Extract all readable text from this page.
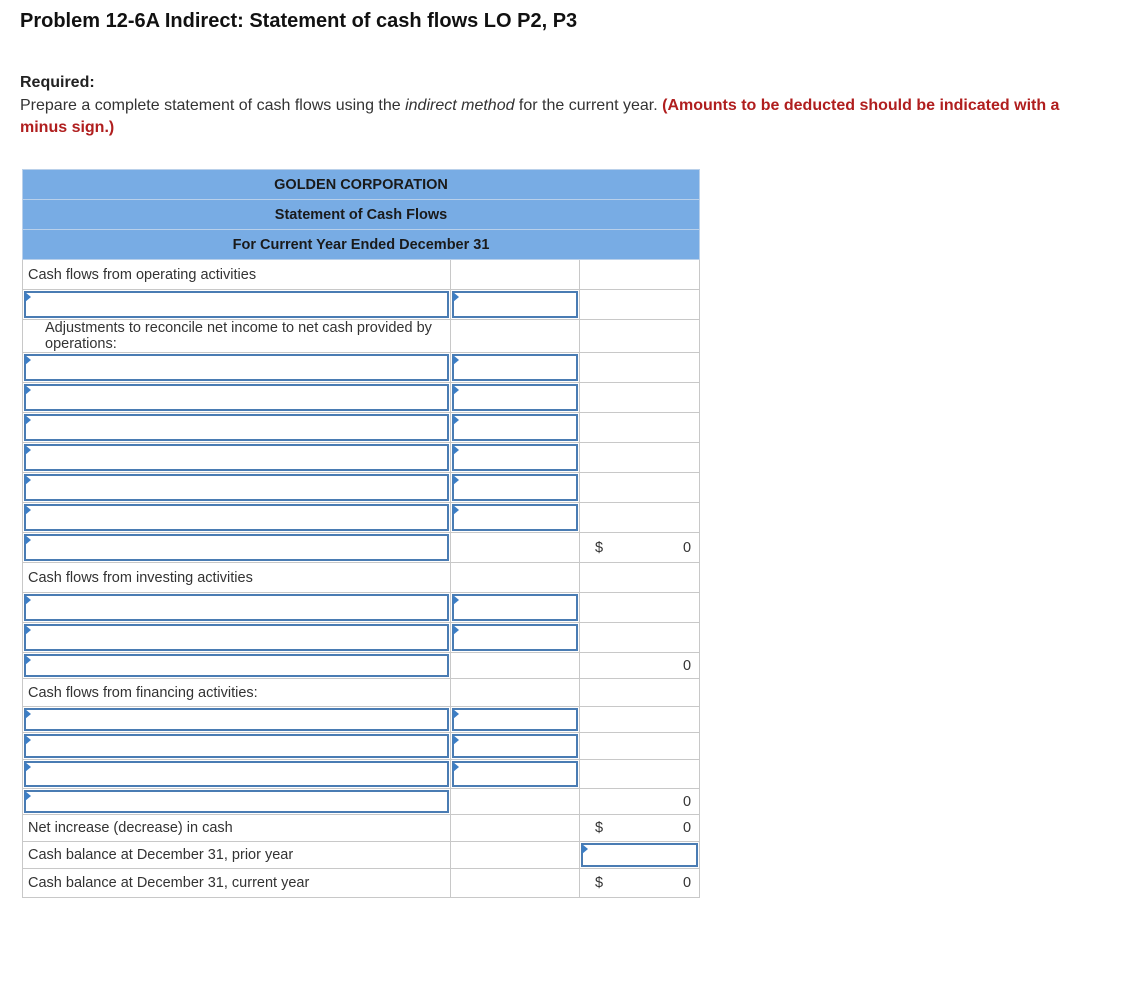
Problem 12-6A Indirect: Statement of cash flows LO P2, P3
Required:
Prepare a complete statement of cash flows using the indirect method for the current year. (Amounts to be deducted should be indicated with a minus sign.)
GOLDEN CORPORATION		
Statement of Cash Flows		
For Current Year Ended December 31		
Cash flows from operating activities		

Adjustments to reconcile net income to net cash provided by operations:		

		$ 0

Cash flows from investing activities		

		0

Cash flows from financing activities:		

		0

Net increase (decrease) in cash		$ 0

Cash balance at December 31, prior year		

Cash balance at December 31, current year		$ 0
